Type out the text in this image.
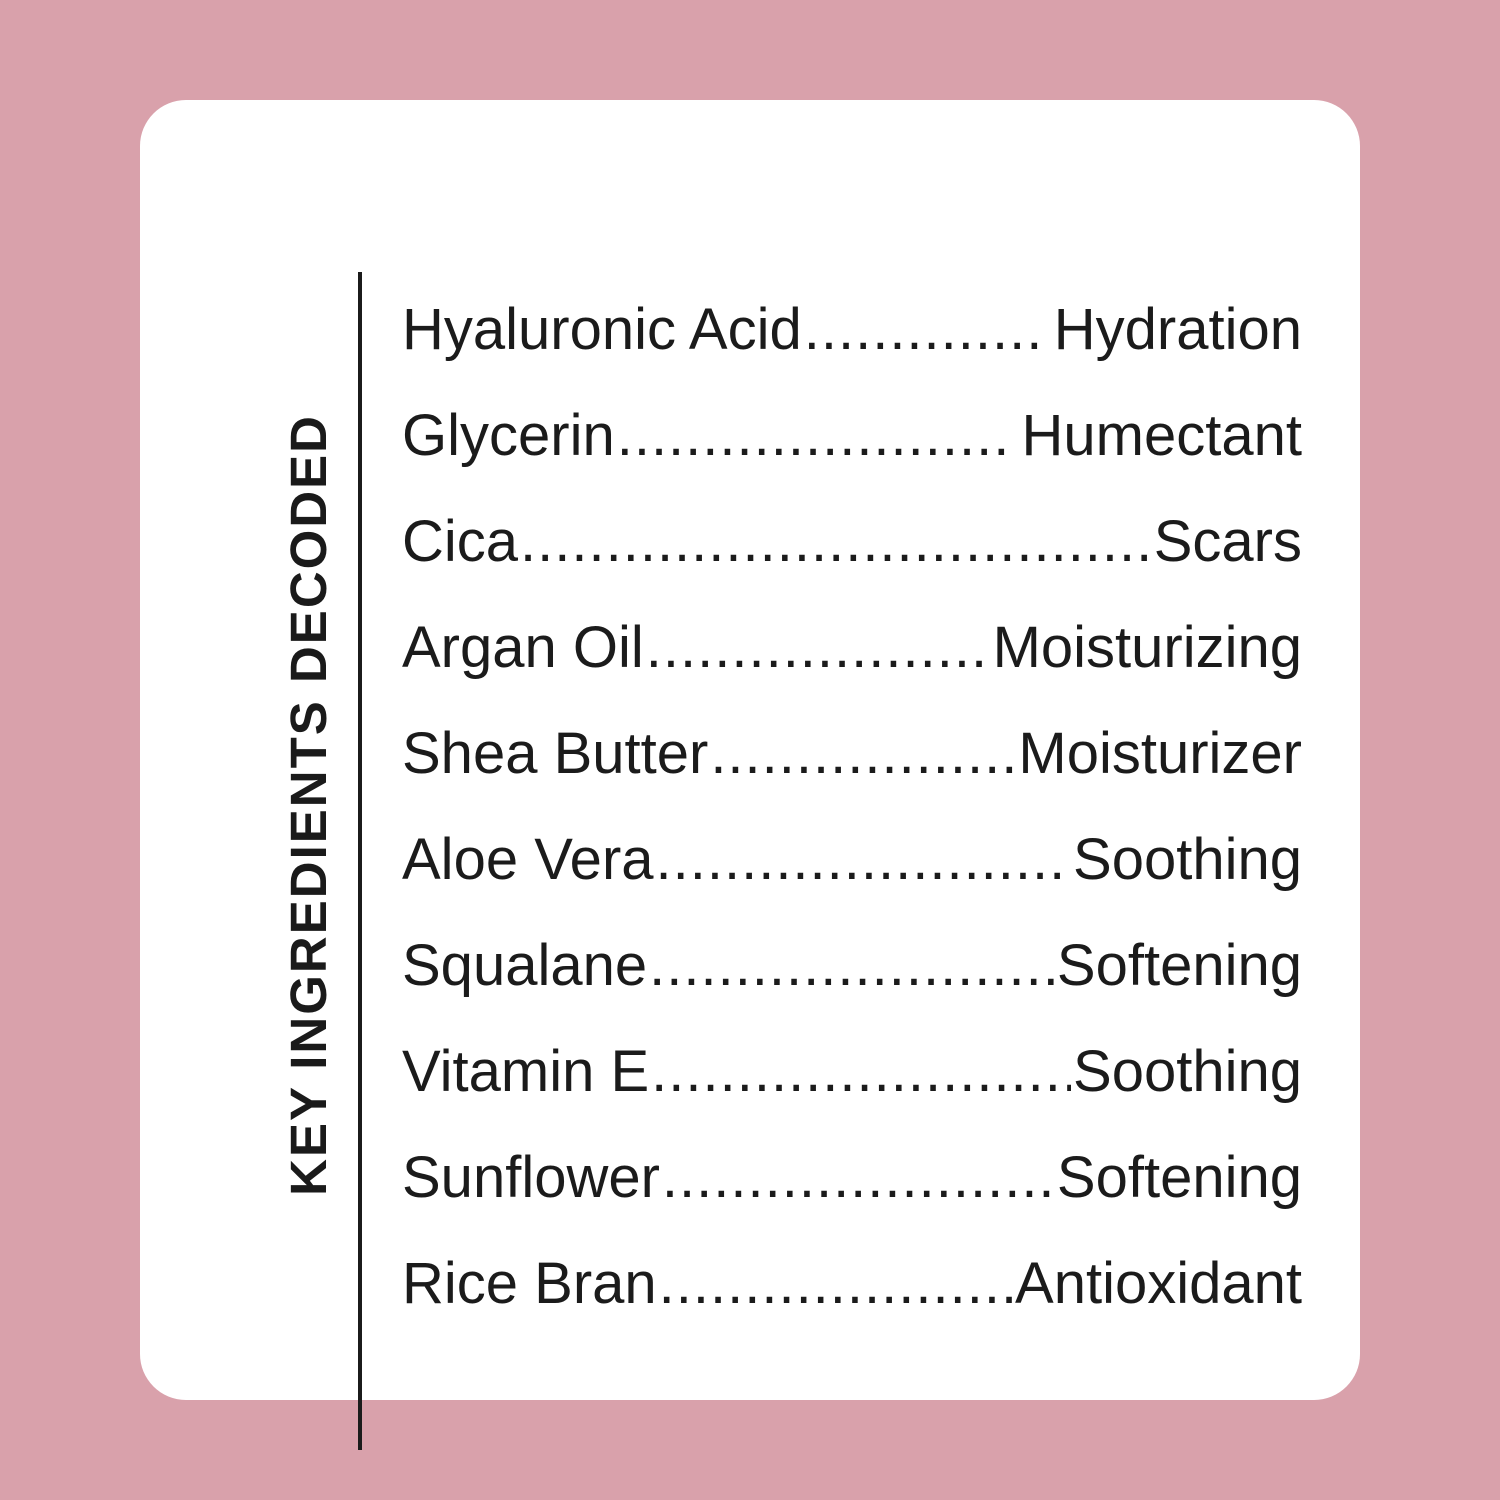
KEY INGREDIENTS DECODED
Hyaluronic Acid .....	Hydration
Glycerin .....	Humectant
Cica .....	Scars
Argan Oil .....	Moisturizing
Shea Butter .....	Moisturizer
Aloe Vera .....	Soothing
Squalane .....	Softening
Vitamin E .....	Soothing
Sunflower .....	Softening
Rice Bran .....	Antioxidant
